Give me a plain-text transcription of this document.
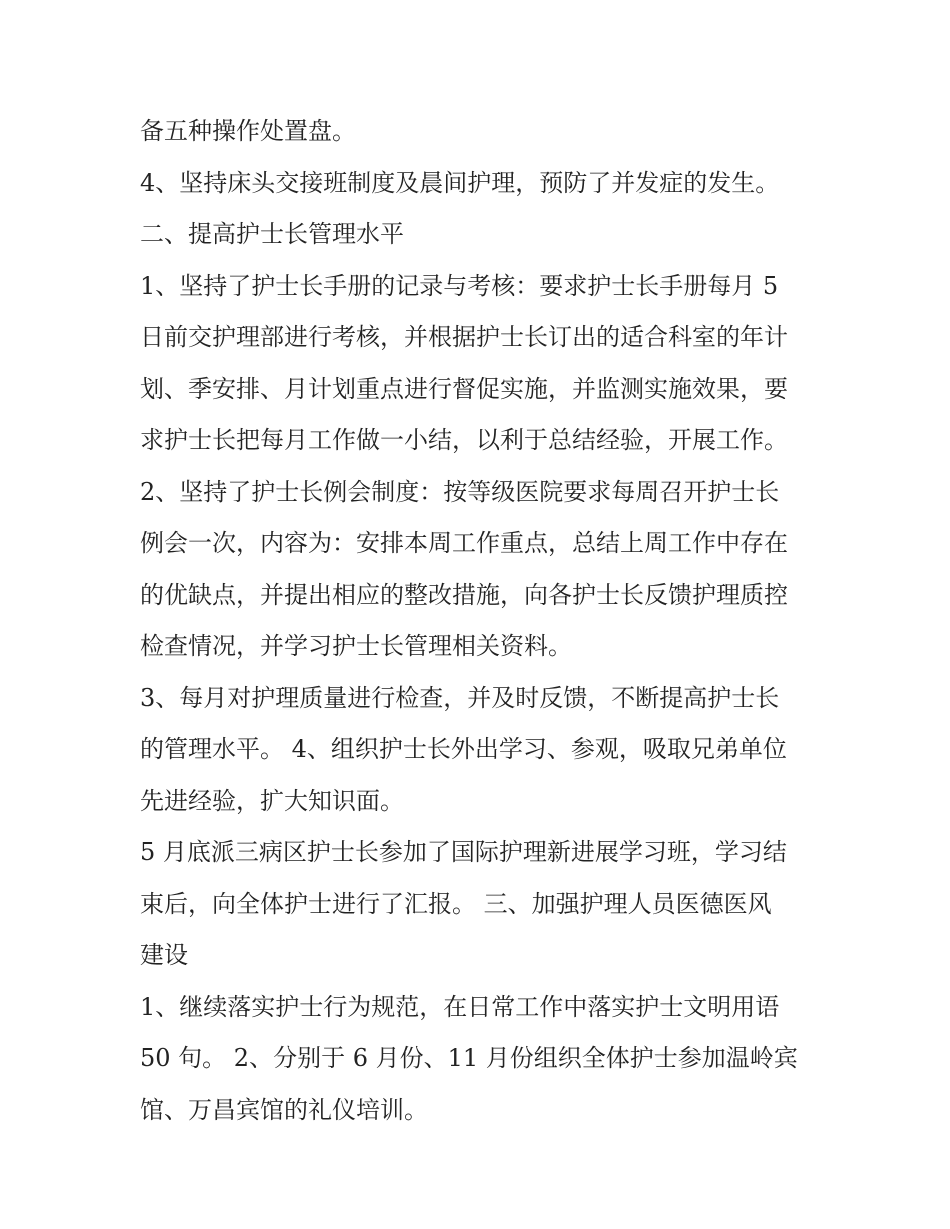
备五种操作处置盘。

4、坚持床头交接班制度及晨间护理，预防了并发症的发生。

二、提高护士长管理水平

1、坚持了护士长手册的记录与考核：要求护士长手册每月 5

日前交护理部进行考核，并根据护士长订出的适合科室的年计

划、季安排、月计划重点进行督促实施，并监测实施效果，要

求护士长把每月工作做一小结，以利于总结经验，开展工作。

2、坚持了护士长例会制度：按等级医院要求每周召开护士长

例会一次，内容为：安排本周工作重点，总结上周工作中存在

的优缺点，并提出相应的整改措施，向各护士长反馈护理质控

检查情况，并学习护士长管理相关资料。

3、每月对护理质量进行检查，并及时反馈，不断提高护士长

的管理水平。 4、组织护士长外出学习、参观，吸取兄弟单位

先进经验，扩大知识面。

5 月底派三病区护士长参加了国际护理新进展学习班，学习结

束后，向全体护士进行了汇报。 三、加强护理人员医德医风

建设

1、继续落实护士行为规范，在日常工作中落实护士文明用语

50 句。 2、分别于 6 月份、11 月份组织全体护士参加温岭宾

馆、万昌宾馆的礼仪培训。
